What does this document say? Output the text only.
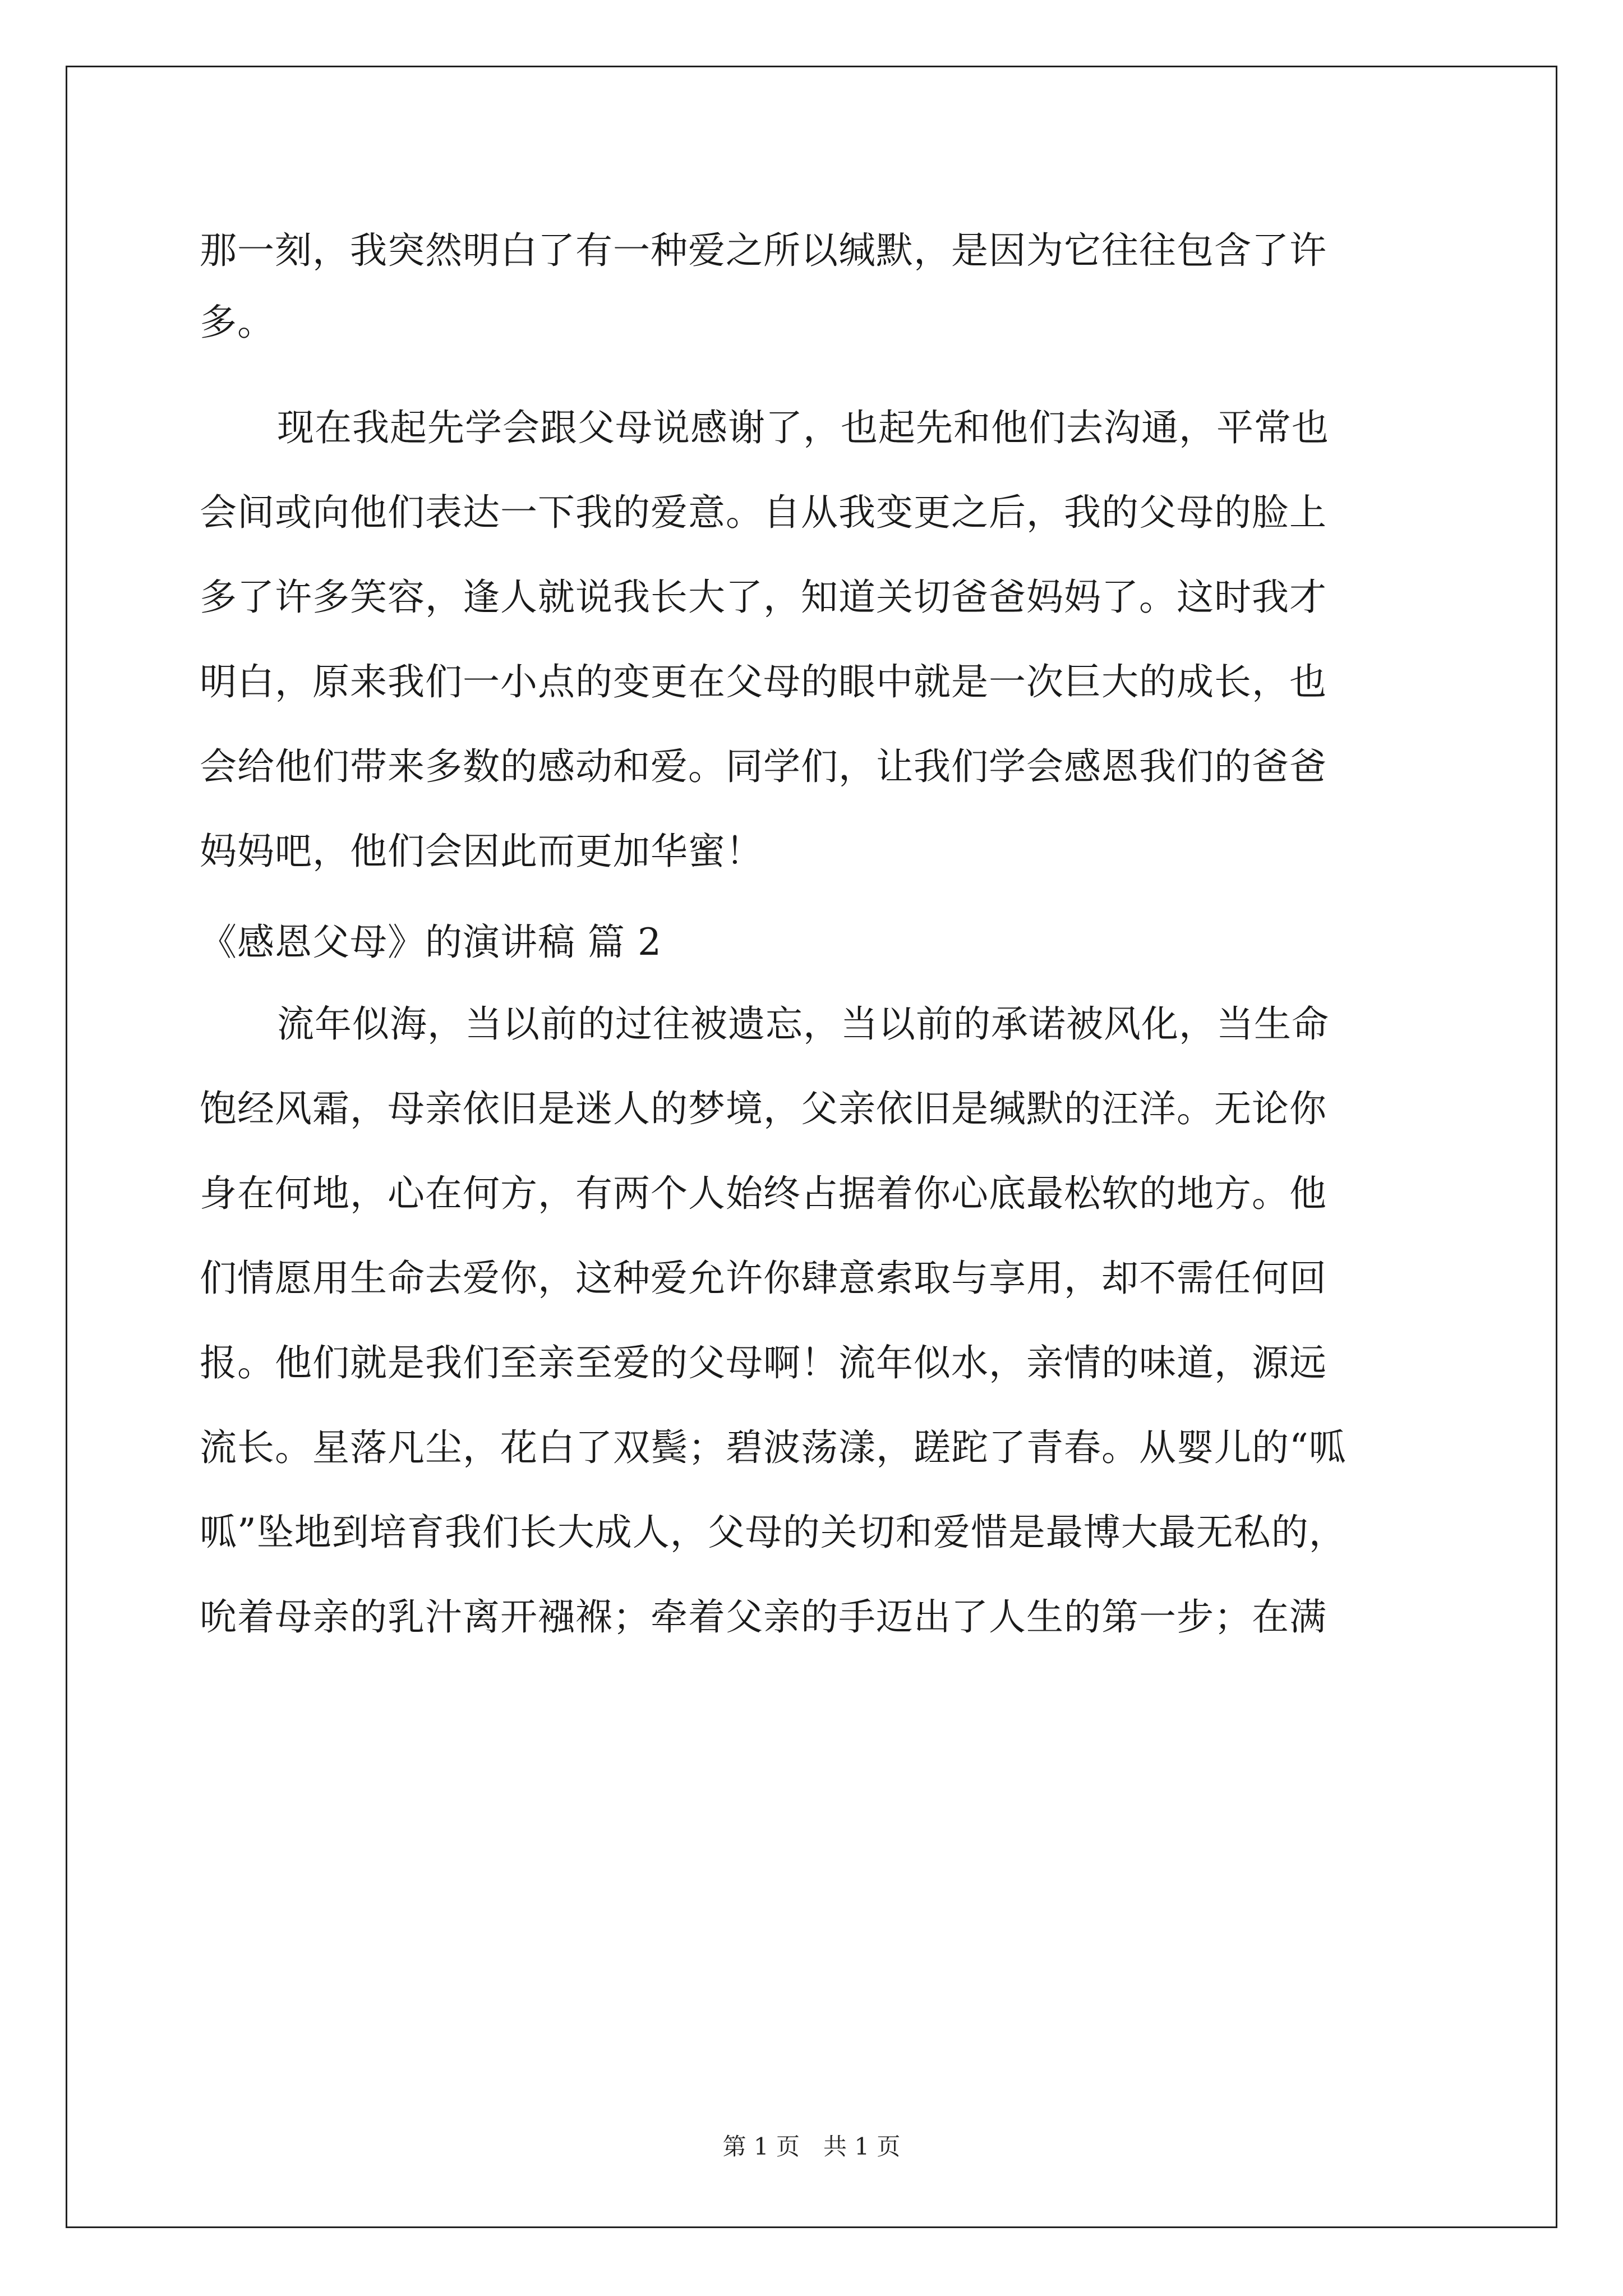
那一刻，我突然明白了有一种爱之所以缄默，是因为它往往包含了许
多。
现在我起先学会跟父母说感谢了，也起先和他们去沟通，平常也
会间或向他们表达一下我的爱意。自从我变更之后，我的父母的脸上
多了许多笑容，逢人就说我长大了，知道关切爸爸妈妈了。这时我才
明白，原来我们一小点的变更在父母的眼中就是一次巨大的成长，也
会给他们带来多数的感动和爱。同学们，让我们学会感恩我们的爸爸
妈妈吧，他们会因此而更加华蜜！
《感恩父母》的演讲稿 篇 2
流年似海，当以前的过往被遗忘，当以前的承诺被风化，当生命
饱经风霜，母亲依旧是迷人的梦境，父亲依旧是缄默的汪洋。无论你
身在何地，心在何方，有两个人始终占据着你心底最松软的地方。他
们情愿用生命去爱你，这种爱允许你肆意索取与享用，却不需任何回
报。他们就是我们至亲至爱的父母啊！流年似水，亲情的味道，源远
流长。星落凡尘，花白了双鬓；碧波荡漾，蹉跎了青春。从婴儿的“呱
呱”坠地到培育我们长大成人，父母的关切和爱惜是最博大最无私的，
吮着母亲的乳汁离开襁褓；牵着父亲的手迈出了人生的第一步；在满
第 1 页　共 1 页
